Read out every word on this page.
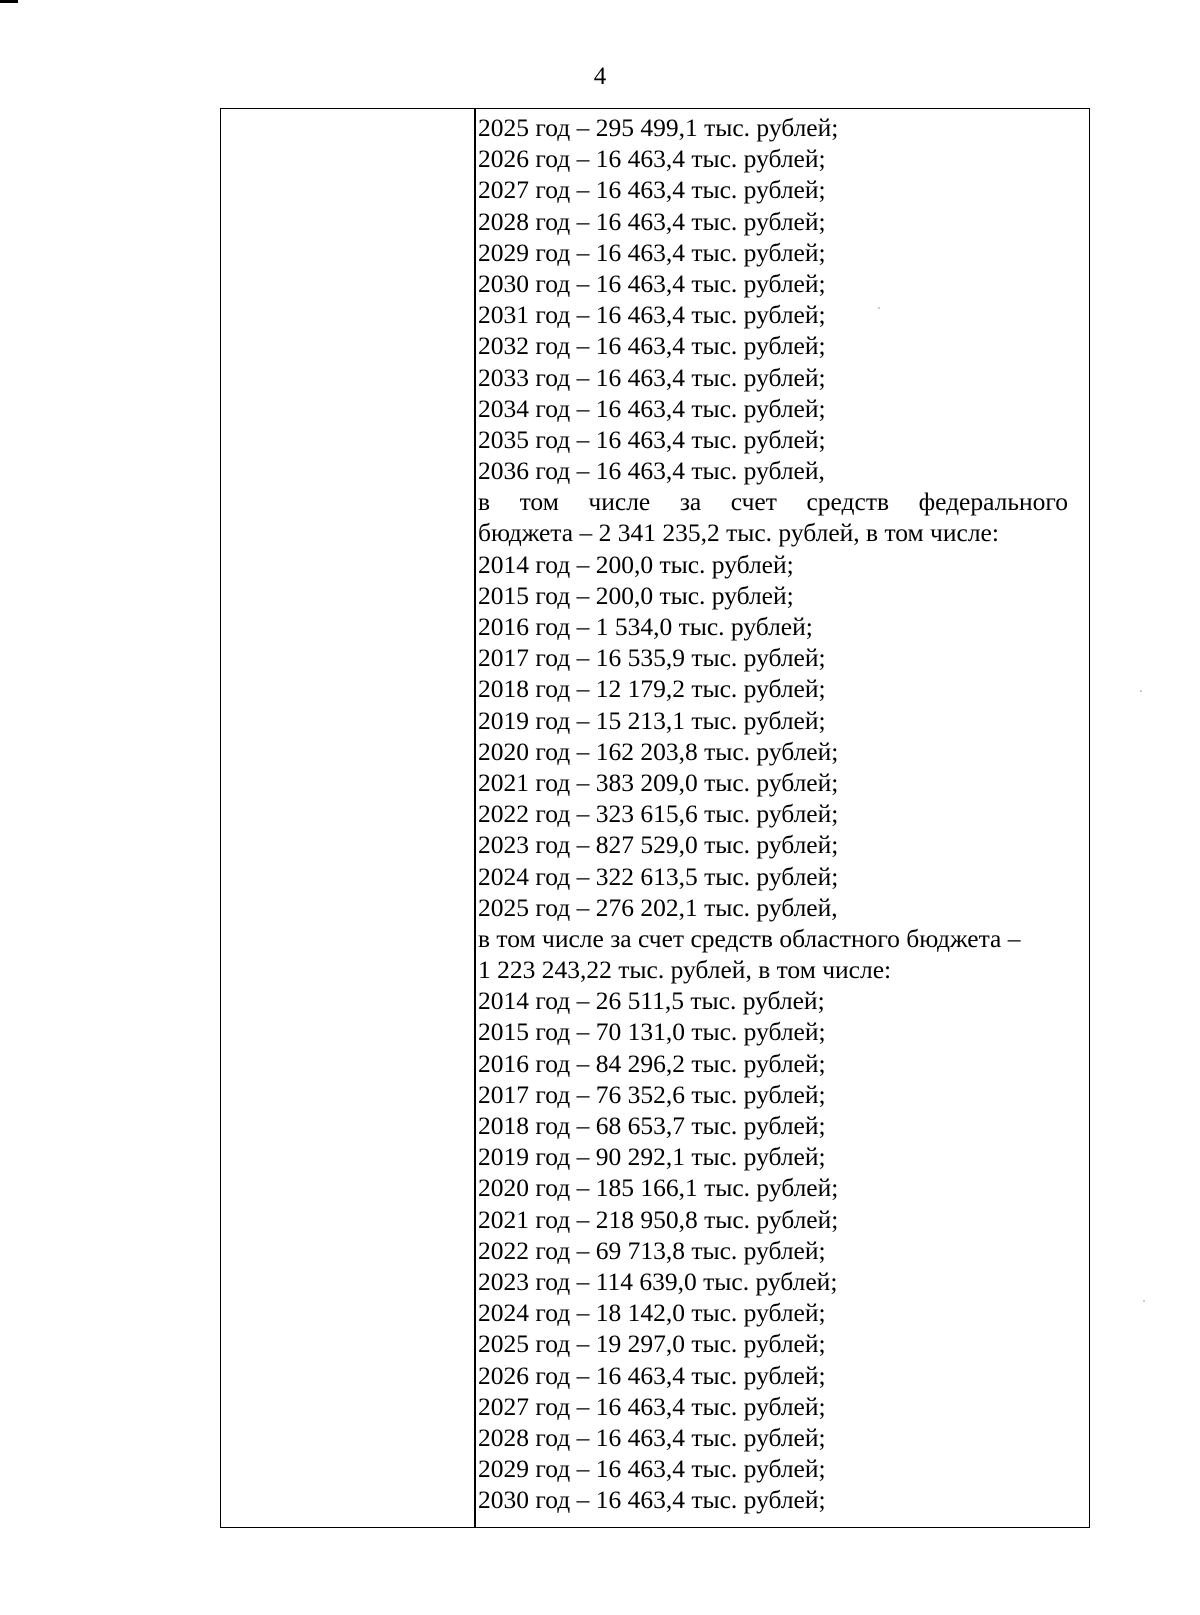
4
2025 год – 295 499,1 тыс. рублей;
2026 год – 16 463,4 тыс. рублей;
2027 год – 16 463,4 тыс. рублей;
2028 год – 16 463,4 тыс. рублей;
2029 год – 16 463,4 тыс. рублей;
2030 год – 16 463,4 тыс. рублей;
2031 год – 16 463,4 тыс. рублей;
2032 год – 16 463,4 тыс. рублей;
2033 год – 16 463,4 тыс. рублей;
2034 год – 16 463,4 тыс. рублей;
2035 год – 16 463,4 тыс. рублей;
2036 год – 16 463,4 тыс. рублей,
в том числе за счет средств федерального
бюджета – 2 341 235,2 тыс. рублей, в том числе:
2014 год – 200,0 тыс. рублей;
2015 год – 200,0 тыс. рублей;
2016 год – 1 534,0 тыс. рублей;
2017 год – 16 535,9 тыс. рублей;
2018 год – 12 179,2 тыс. рублей;
2019 год – 15 213,1 тыс. рублей;
2020 год – 162 203,8 тыс. рублей;
2021 год – 383 209,0 тыс. рублей;
2022 год – 323 615,6 тыс. рублей;
2023 год – 827 529,0 тыс. рублей;
2024 год – 322 613,5 тыс. рублей;
2025 год – 276 202,1 тыс. рублей,
в том числе за счет средств областного бюджета –
1 223 243,22 тыс. рублей, в том числе:
2014 год – 26 511,5 тыс. рублей;
2015 год – 70 131,0 тыс. рублей;
2016 год – 84 296,2 тыс. рублей;
2017 год – 76 352,6 тыс. рублей;
2018 год – 68 653,7 тыс. рублей;
2019 год – 90 292,1 тыс. рублей;
2020 год – 185 166,1 тыс. рублей;
2021 год – 218 950,8 тыс. рублей;
2022 год – 69 713,8 тыс. рублей;
2023 год – 114 639,0 тыс. рублей;
2024 год – 18 142,0 тыс. рублей;
2025 год – 19 297,0 тыс. рублей;
2026 год – 16 463,4 тыс. рублей;
2027 год – 16 463,4 тыс. рублей;
2028 год – 16 463,4 тыс. рублей;
2029 год – 16 463,4 тыс. рублей;
2030 год – 16 463,4 тыс. рублей;
